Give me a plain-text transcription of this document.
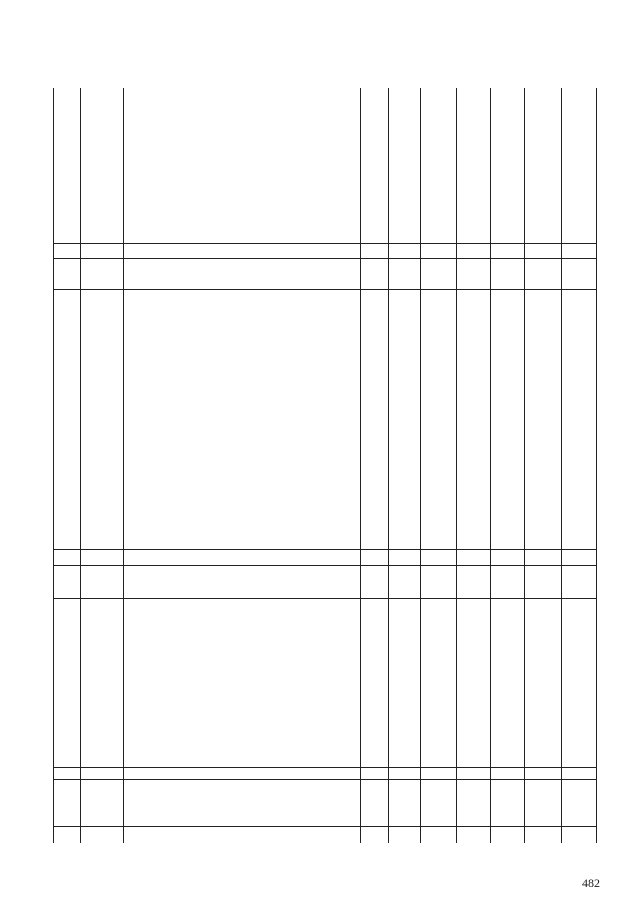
482
